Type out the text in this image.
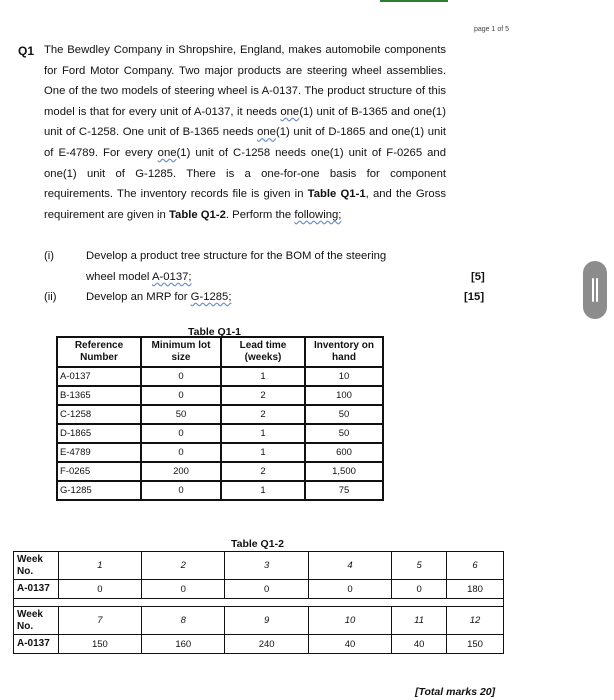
page 1 of 5
Q1 The Bewdley Company in Shropshire, England, makes automobile components for Ford Motor Company. Two major products are steering wheel assemblies. One of the two models of steering wheel is A-0137. The product structure of this model is that for every unit of A-0137, it needs one(1) unit of B-1365 and one(1) unit of C-1258. One unit of B-1365 needs one(1) unit of D-1865 and one(1) unit of E-4789. For every one(1) unit of C-1258 needs one(1) unit of F-0265 and one(1) unit of G-1285. There is a one-for-one basis for component requirements. The inventory records file is given in Table Q1-1, and the Gross requirement are given in Table Q1-2. Perform the following;

(i)	Develop a product tree structure for the BOM of the steering
wheel model A-0137;	[5]
(ii)	Develop an MRP for G-1285;	[15]
Table Q1-1
Reference Number	Minimum lot size	Lead time (weeks)	Inventory on hand
A-0137	0	1	10
B-1365	0	2	100
C-1258	50	2	50
D-1865	0	1	50
E-4789	0	1	600
F-0265	200	2	1,500
G-1285	0	1	75
Table Q1-2
Week No.	1	2	3	4	5	6
A-0137	0	0	0	0	0	180

Week No.	7	8	9	10	11	12
A-0137	150	160	240	40	40	150
[Total marks 20]
